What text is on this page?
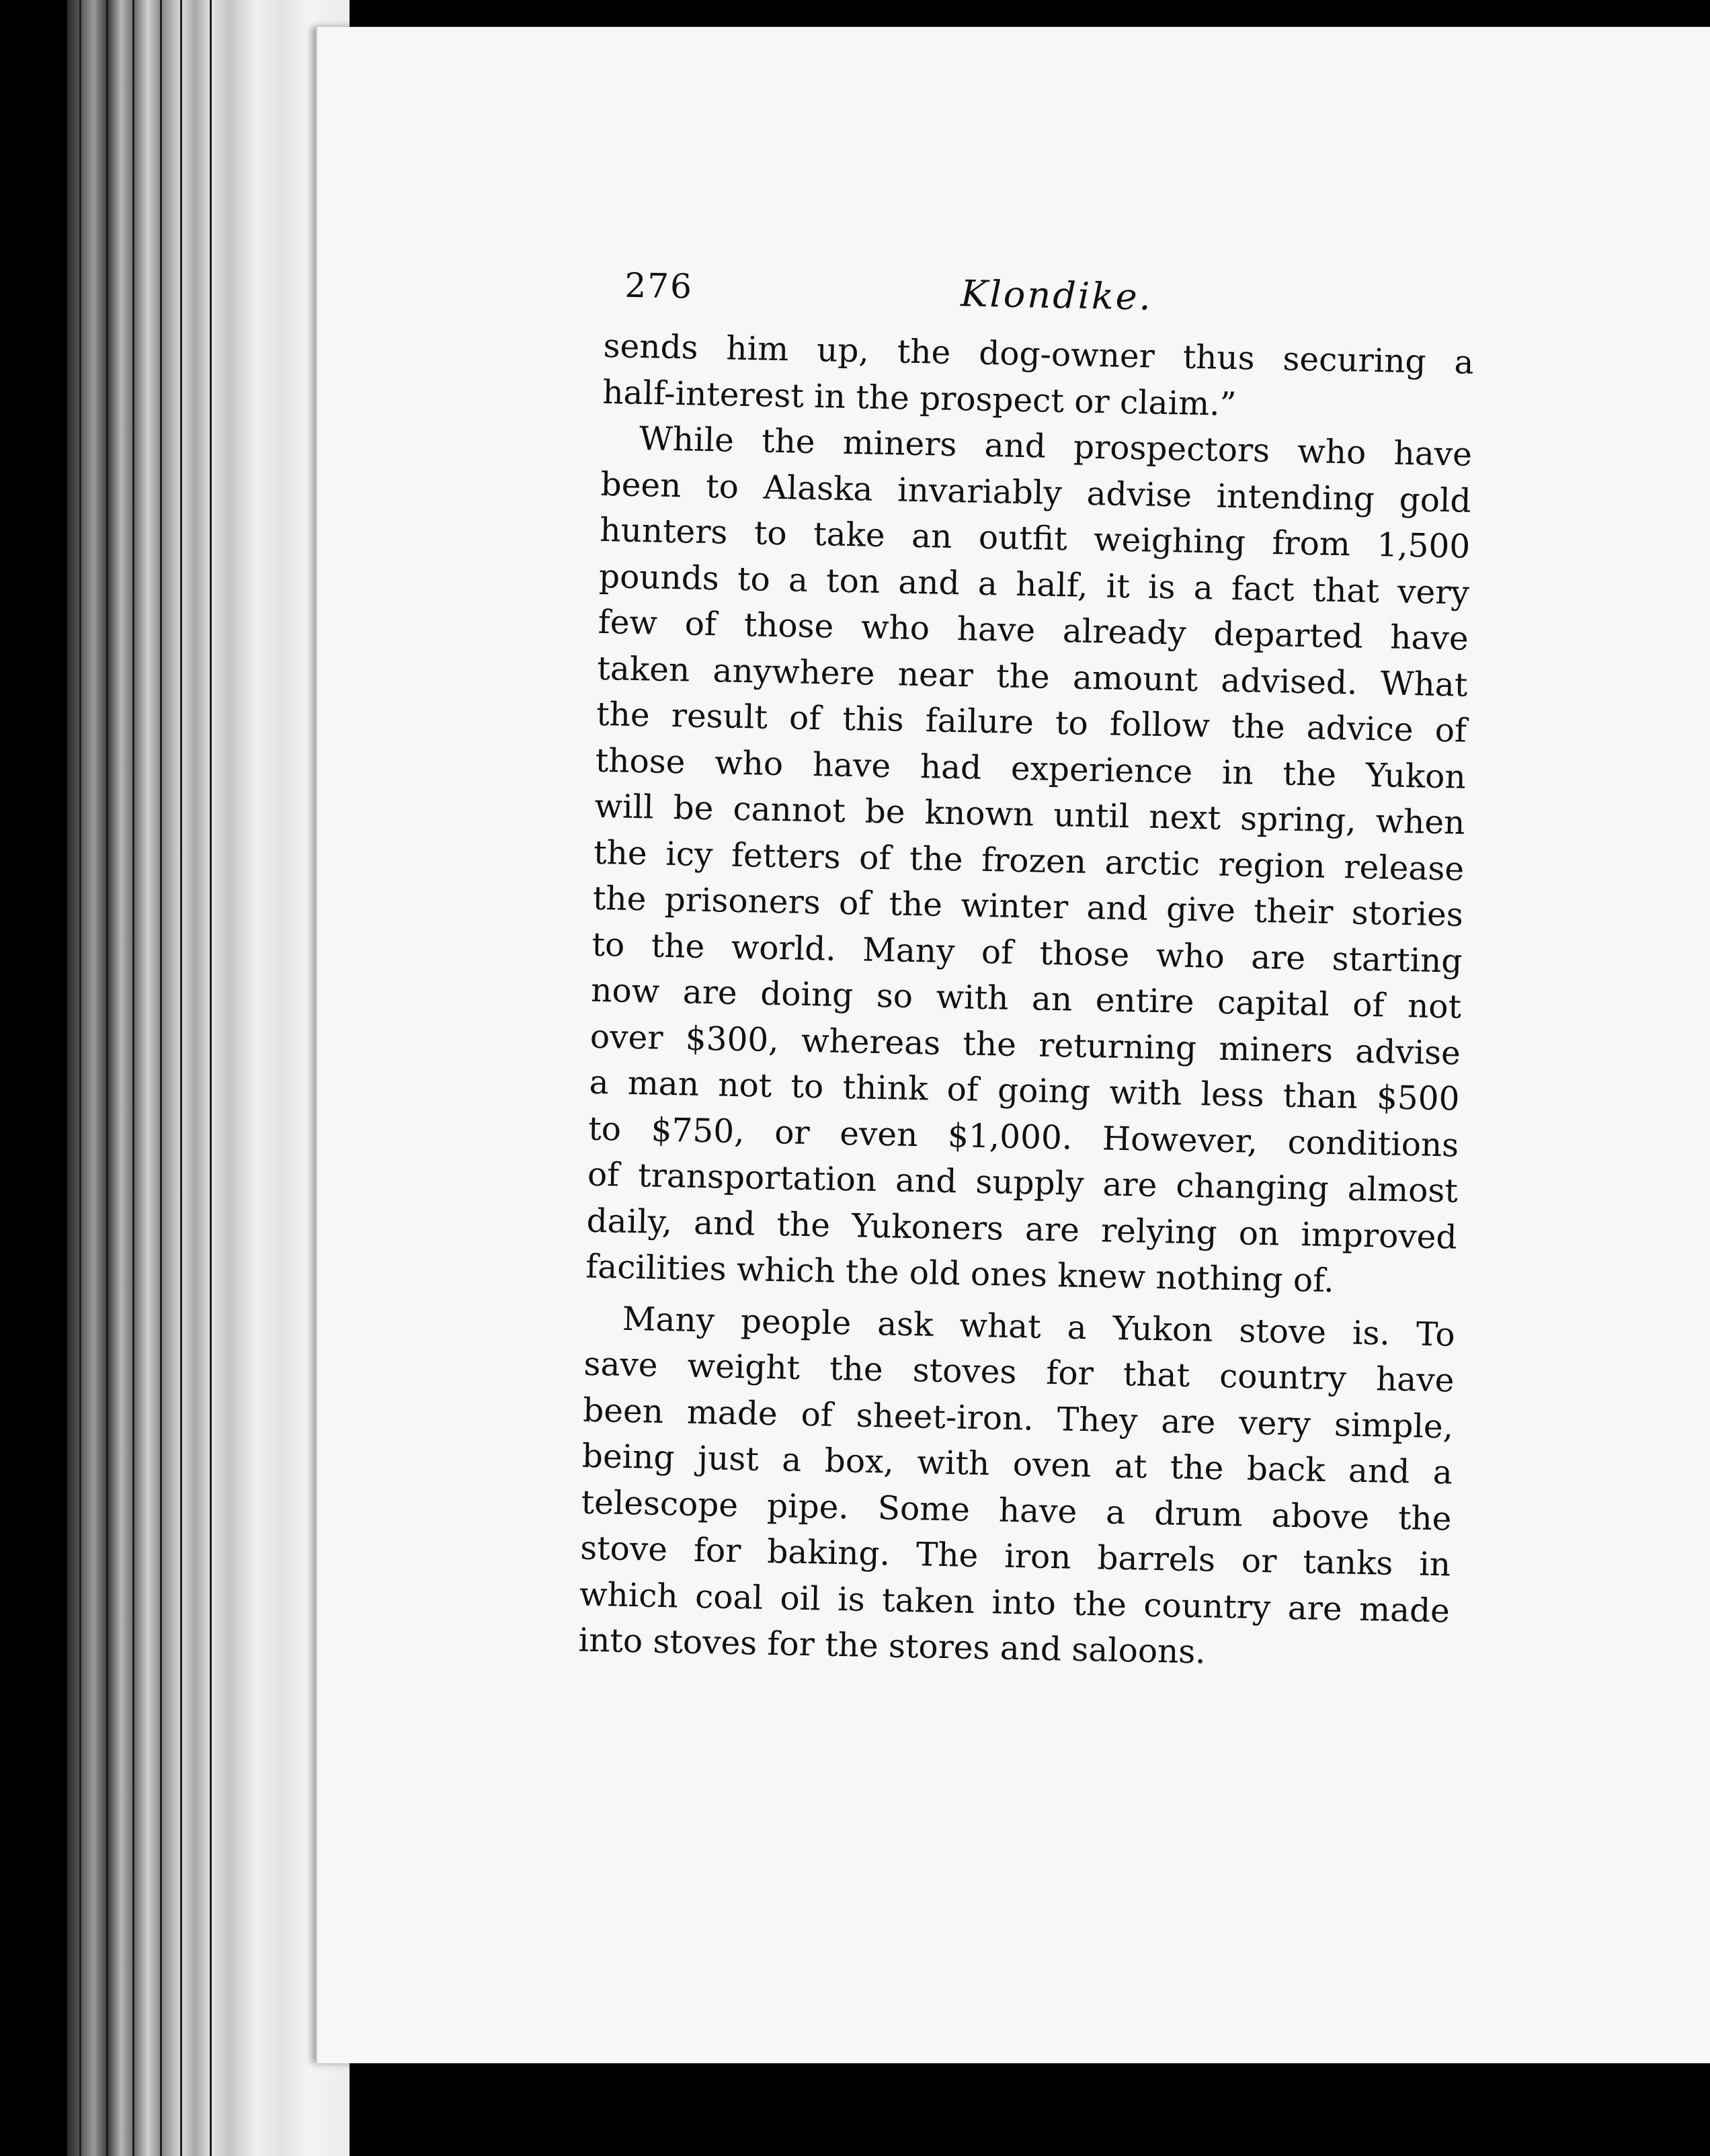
276	Klondike.

sends him up, the dog-owner thus securing a
half-interest in the prospect or claim.”

While the miners and prospectors who have
been to Alaska invariably advise intending gold
hunters to take an outfit weighing from 1,500
pounds to a ton and a half, it is a fact that very
few of those who have already departed have
taken anywhere near the amount advised. What
the result of this failure to follow the advice of
those who have had experience in the Yukon
will be cannot be known until next spring, when
the icy fetters of the frozen arctic region release
the prisoners of the winter and give their stories
to the world. Many of those who are starting
now are doing so with an entire capital of not
over $300, whereas the returning miners advise
a man not to think of going with less than $500
to $750, or even $1,000. However, conditions
of transportation and supply are changing almost
daily, and the Yukoners are relying on improved
facilities which the old ones knew nothing of.

Many people ask what a Yukon stove is. To
save weight the stoves for that country have
been made of sheet-iron. They are very simple,
being just a box, with oven at the back and a
telescope pipe. Some have a drum above the
stove for baking. The iron barrels or tanks in
which coal oil is taken into the country are made
into stoves for the stores and saloons.
